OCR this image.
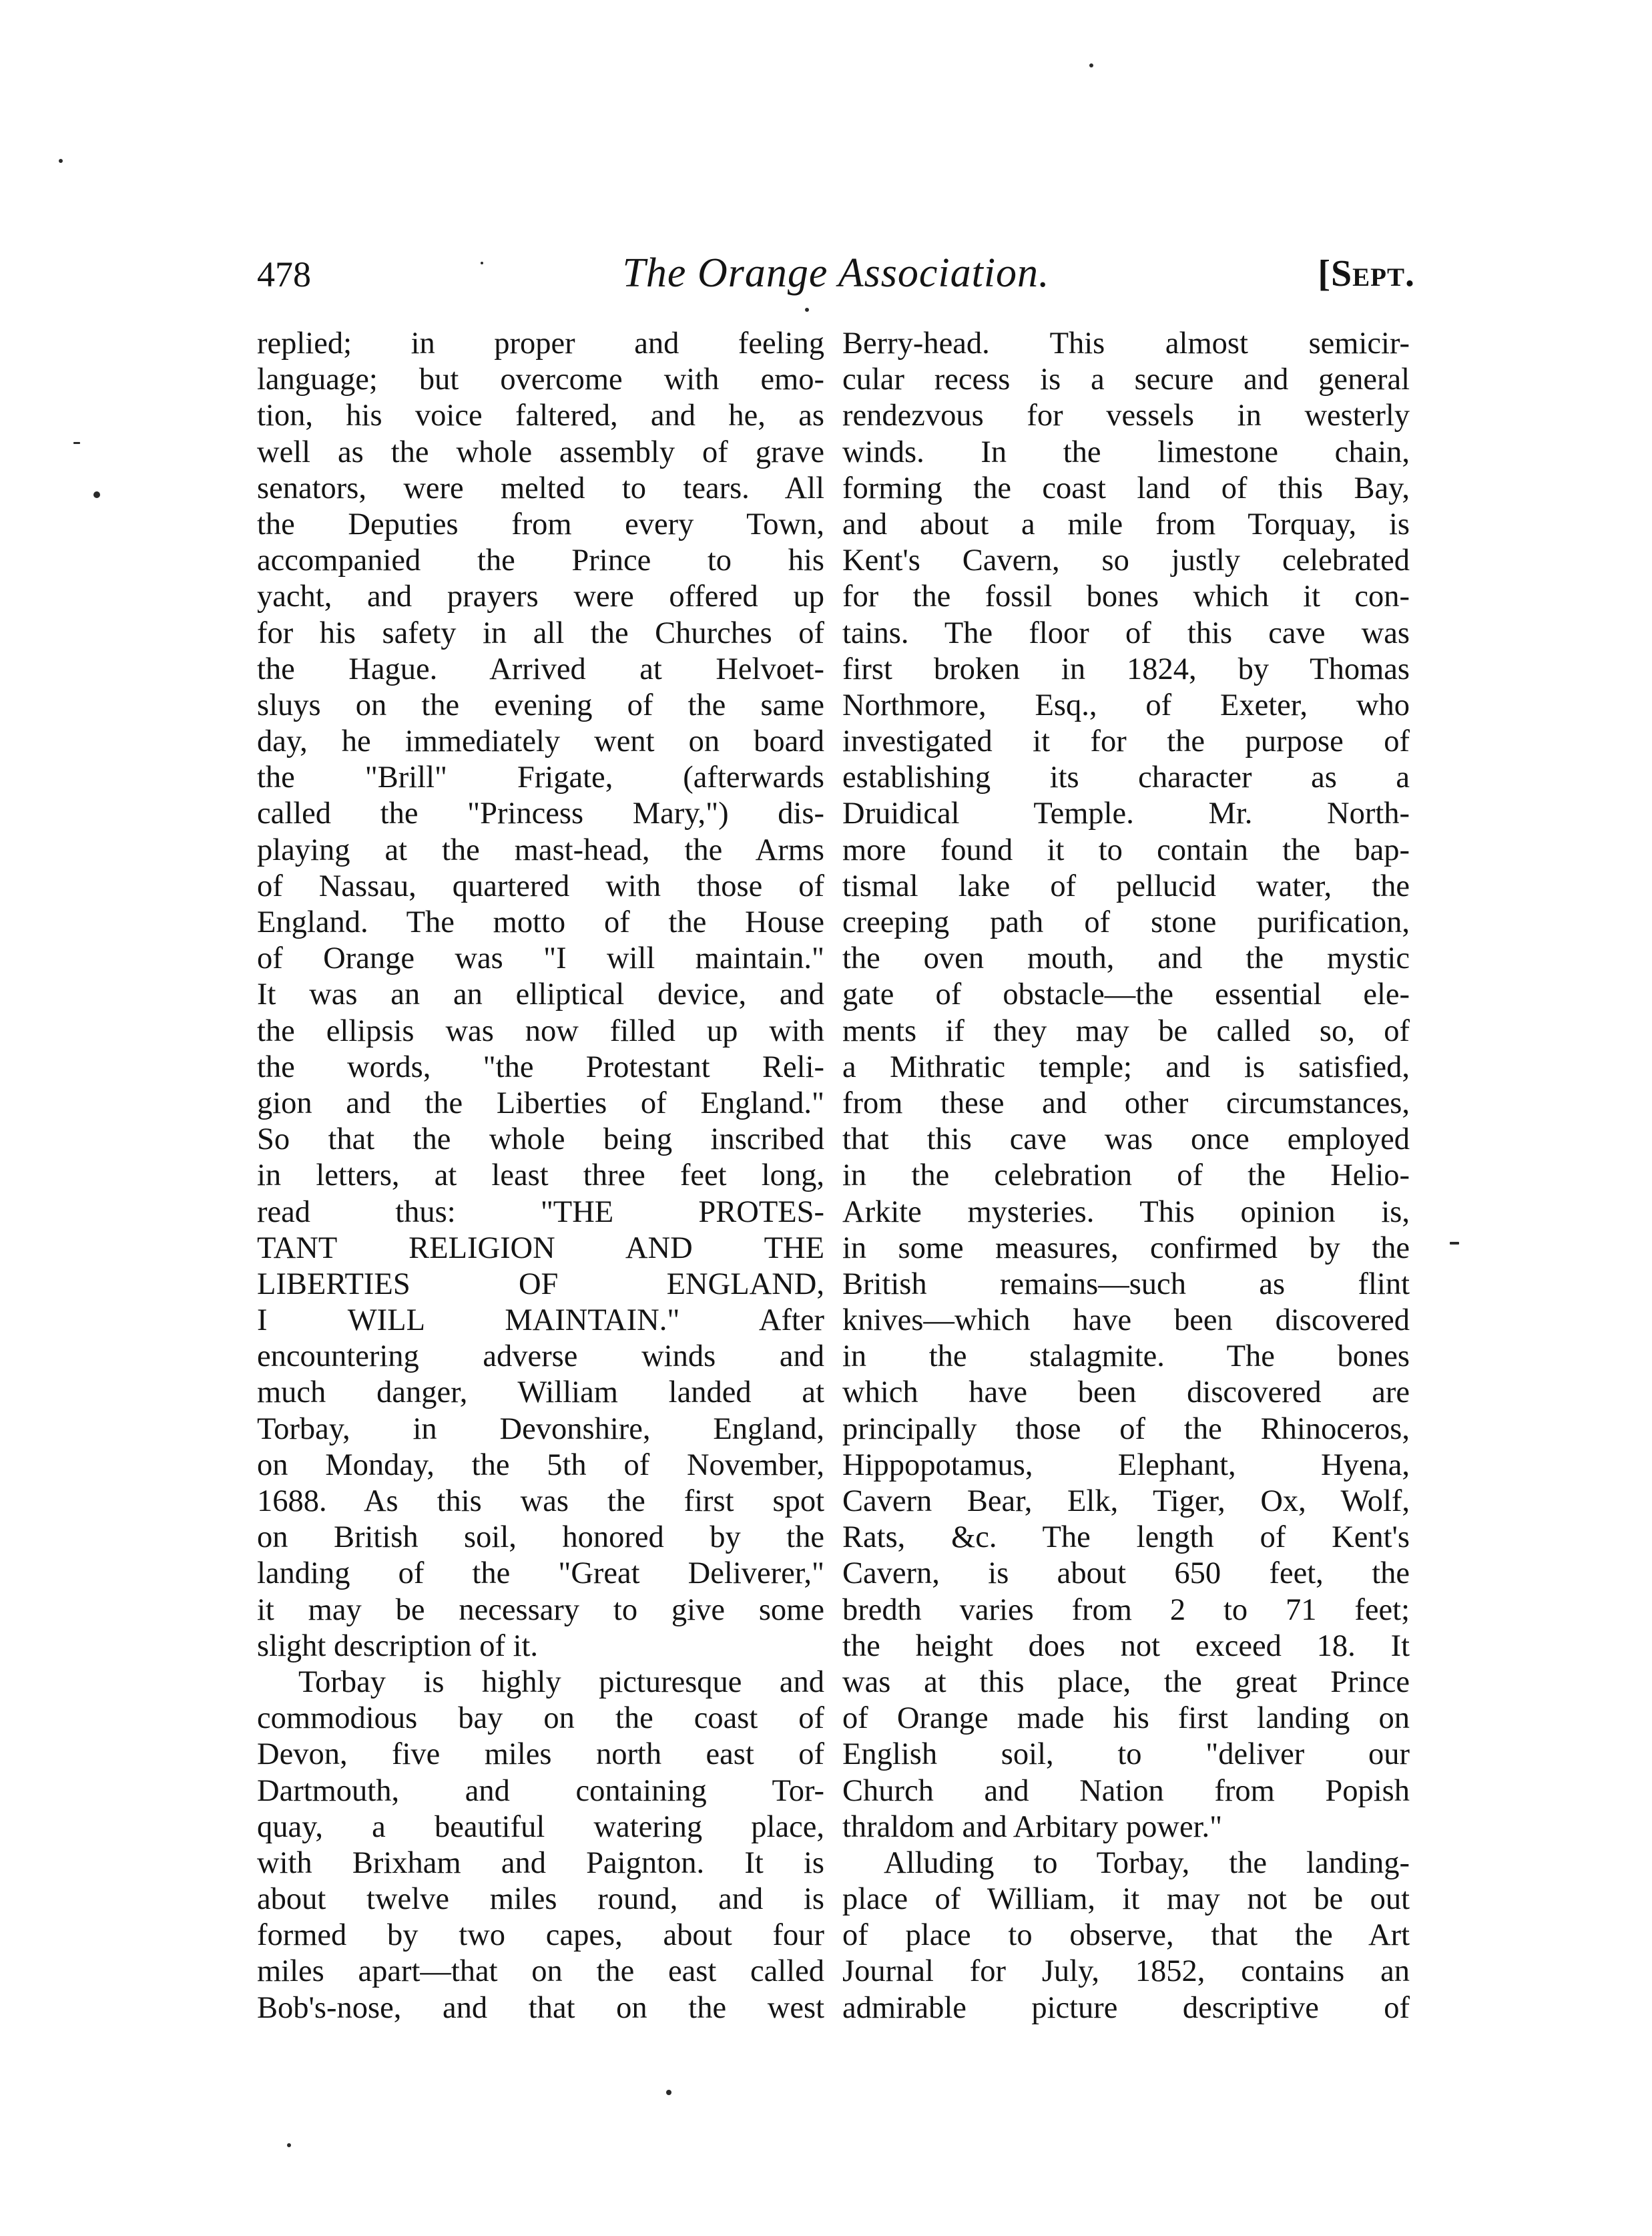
478	The Orange Association.	[Sept.
replied; in proper and feeling
language; but overcome with emo-
tion, his voice faltered, and he, as
well as the whole assembly of grave
senators, were melted to tears. All
the Deputies from every Town,
accompanied the Prince to his
yacht, and prayers were offered up
for his safety in all the Churches of
the Hague. Arrived at Helvoet-
sluys on the evening of the same
day, he immediately went on board
the "Brill" Frigate, (afterwards
called the "Princess Mary,") dis-
playing at the mast-head, the Arms
of Nassau, quartered with those of
England. The motto of the House
of Orange was "I will maintain."
It was an an elliptical device, and
the ellipsis was now filled up with
the words, "the Protestant Reli-
gion and the Liberties of England."
So that the whole being inscribed
in letters, at least three feet long,
read thus: "THE PROTES-
TANT RELIGION AND THE
LIBERTIES OF ENGLAND,
I WILL MAINTAIN." After
encountering adverse winds and
much danger, William landed at
Torbay, in Devonshire, England,
on Monday, the 5th of November,
1688. As this was the first spot
on British soil, honored by the
landing of the "Great Deliverer,"
it may be necessary to give some
slight description of it.
Torbay is highly picturesque and
commodious bay on the coast of
Devon, five miles north east of
Dartmouth, and containing Tor-
quay, a beautiful watering place,
with Brixham and Paignton. It is
about twelve miles round, and is
formed by two capes, about four
miles apart—that on the east called
Bob's-nose, and that on the west
Berry-head. This almost semicir-
cular recess is a secure and general
rendezvous for vessels in westerly
winds. In the limestone chain,
forming the coast land of this Bay,
and about a mile from Torquay, is
Kent's Cavern, so justly celebrated
for the fossil bones which it con-
tains. The floor of this cave was
first broken in 1824, by Thomas
Northmore, Esq., of Exeter, who
investigated it for the purpose of
establishing its character as a
Druidical Temple. Mr. North-
more found it to contain the bap-
tismal lake of pellucid water, the
creeping path of stone purification,
the oven mouth, and the mystic
gate of obstacle—the essential ele-
ments if they may be called so, of
a Mithratic temple; and is satisfied,
from these and other circumstances,
that this cave was once employed
in the celebration of the Helio-
Arkite mysteries. This opinion is,
in some measures, confirmed by the
British remains—such as flint
knives—which have been discovered
in the stalagmite. The bones
which have been discovered are
principally those of the Rhinoceros,
Hippopotamus, Elephant, Hyena,
Cavern Bear, Elk, Tiger, Ox, Wolf,
Rats, &c. The length of Kent's
Cavern, is about 650 feet, the
bredth varies from 2 to 71 feet;
the height does not exceed 18. It
was at this place, the great Prince
of Orange made his first landing on
English soil, to "deliver our
Church and Nation from Popish
thraldom and Arbitary power."
Alluding to Torbay, the landing-
place of William, it may not be out
of place to observe, that the Art
Journal for July, 1852, contains an
admirable picture descriptive of
